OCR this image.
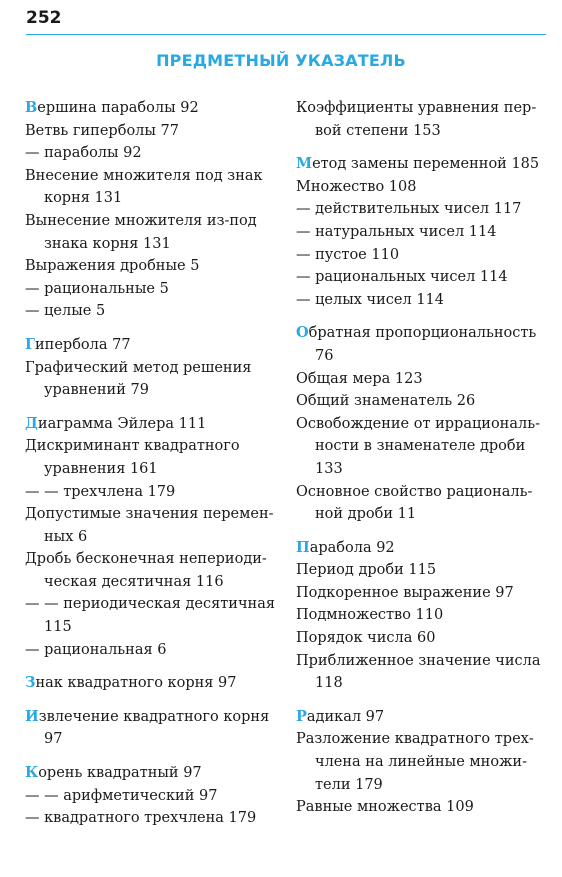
252
ПРЕДМЕТНЫЙ УКАЗАТЕЛЬ

Вершина параболы 92

Ветвь гиперболы 77

— параболы 92

Внесение множителя под знак корня 131

Вынесение множителя из-под знака корня 131

Выражения дробные 5

— рациональные 5

— целые 5

Гипербола 77

Графический метод решения уравнений 79

Диаграмма Эйлера 111

Дискриминант квадратного уравнения 161

— — трехчлена 179

Допустимые значения переменных 6

Дробь бесконечная непериодическая десятичная 116

— — периодическая десятичная 115

— рациональная 6

Знак квадратного корня 97

Извлечение квадратного корня 97

Корень квадратный 97

— — арифметический 97

— квадратного трехчлена 179

Коэффициенты уравнения первой степени 153

Метод замены переменной 185

Множество 108

— действительных чисел 117

— натуральных чисел 114

— пустое 110

— рациональных чисел 114

— целых чисел 114

Обратная пропорциональность 76

Общая мера 123

Общий знаменатель 26

Освобождение от иррациональности в знаменателе дроби 133

Основное свойство рациональной дроби 11

Парабола 92

Период дроби 115

Подкоренное выражение 97

Подмножество 110

Порядок числа 60

Приближенное значение числа 118

Радикал 97

Разложение квадратного трехчлена на линейные множители 179

Равные множества 109
